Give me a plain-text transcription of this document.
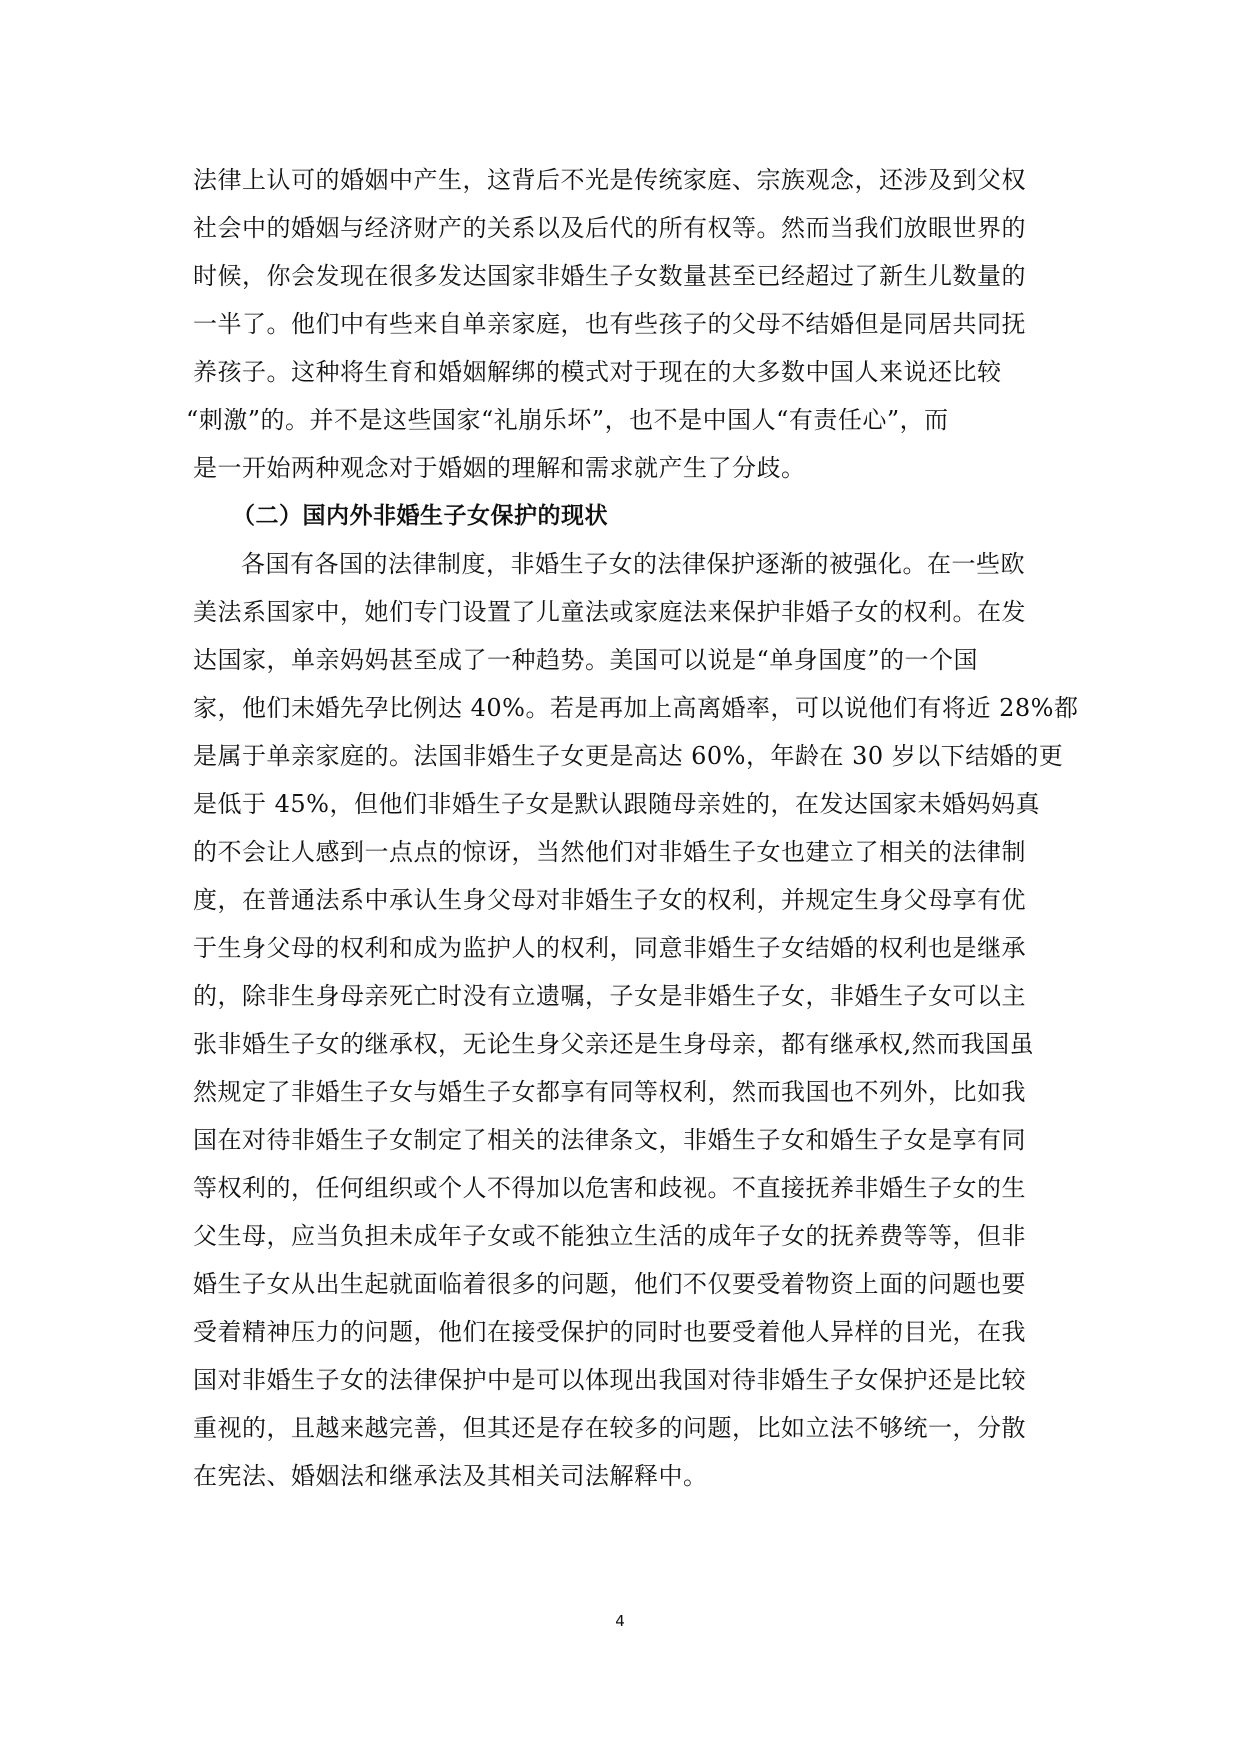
法律上认可的婚姻中产生，这背后不光是传统家庭、宗族观念，还涉及到父权
社会中的婚姻与经济财产的关系以及后代的所有权等。然而当我们放眼世界的
时候，你会发现在很多发达国家非婚生子女数量甚至已经超过了新生儿数量的
一半了。他们中有些来自单亲家庭，也有些孩子的父母不结婚但是同居共同抚
养孩子。这种将生育和婚姻解绑的模式对于现在的大多数中国人来说还比较
“刺激”的。并不是这些国家“礼崩乐坏”，也不是中国人“有责任心”，而
是一开始两种观念对于婚姻的理解和需求就产生了分歧。
（二）国内外非婚生子女保护的现状
各国有各国的法律制度，非婚生子女的法律保护逐渐的被强化。在一些欧
美法系国家中，她们专门设置了儿童法或家庭法来保护非婚子女的权利。在发
达国家，单亲妈妈甚至成了一种趋势。美国可以说是“单身国度”的一个国
家，他们未婚先孕比例达 40%。若是再加上高离婚率，可以说他们有将近 28%都
是属于单亲家庭的。法国非婚生子女更是高达 60%，年龄在 30 岁以下结婚的更
是低于 45%，但他们非婚生子女是默认跟随母亲姓的，在发达国家未婚妈妈真
的不会让人感到一点点的惊讶，当然他们对非婚生子女也建立了相关的法律制
度，在普通法系中承认生身父母对非婚生子女的权利，并规定生身父母享有优
于生身父母的权利和成为监护人的权利，同意非婚生子女结婚的权利也是继承
的，除非生身母亲死亡时没有立遗嘱，子女是非婚生子女，非婚生子女可以主
张非婚生子女的继承权，无论生身父亲还是生身母亲，都有继承权,然而我国虽
然规定了非婚生子女与婚生子女都享有同等权利，然而我国也不列外，比如我
国在对待非婚生子女制定了相关的法律条文，非婚生子女和婚生子女是享有同
等权利的，任何组织或个人不得加以危害和歧视。不直接抚养非婚生子女的生
父生母，应当负担未成年子女或不能独立生活的成年子女的抚养费等等，但非
婚生子女从出生起就面临着很多的问题，他们不仅要受着物资上面的问题也要
受着精神压力的问题，他们在接受保护的同时也要受着他人异样的目光，在我
国对非婚生子女的法律保护中是可以体现出我国对待非婚生子女保护还是比较
重视的，且越来越完善，但其还是存在较多的问题，比如立法不够统一，分散
在宪法、婚姻法和继承法及其相关司法解释中。
4
